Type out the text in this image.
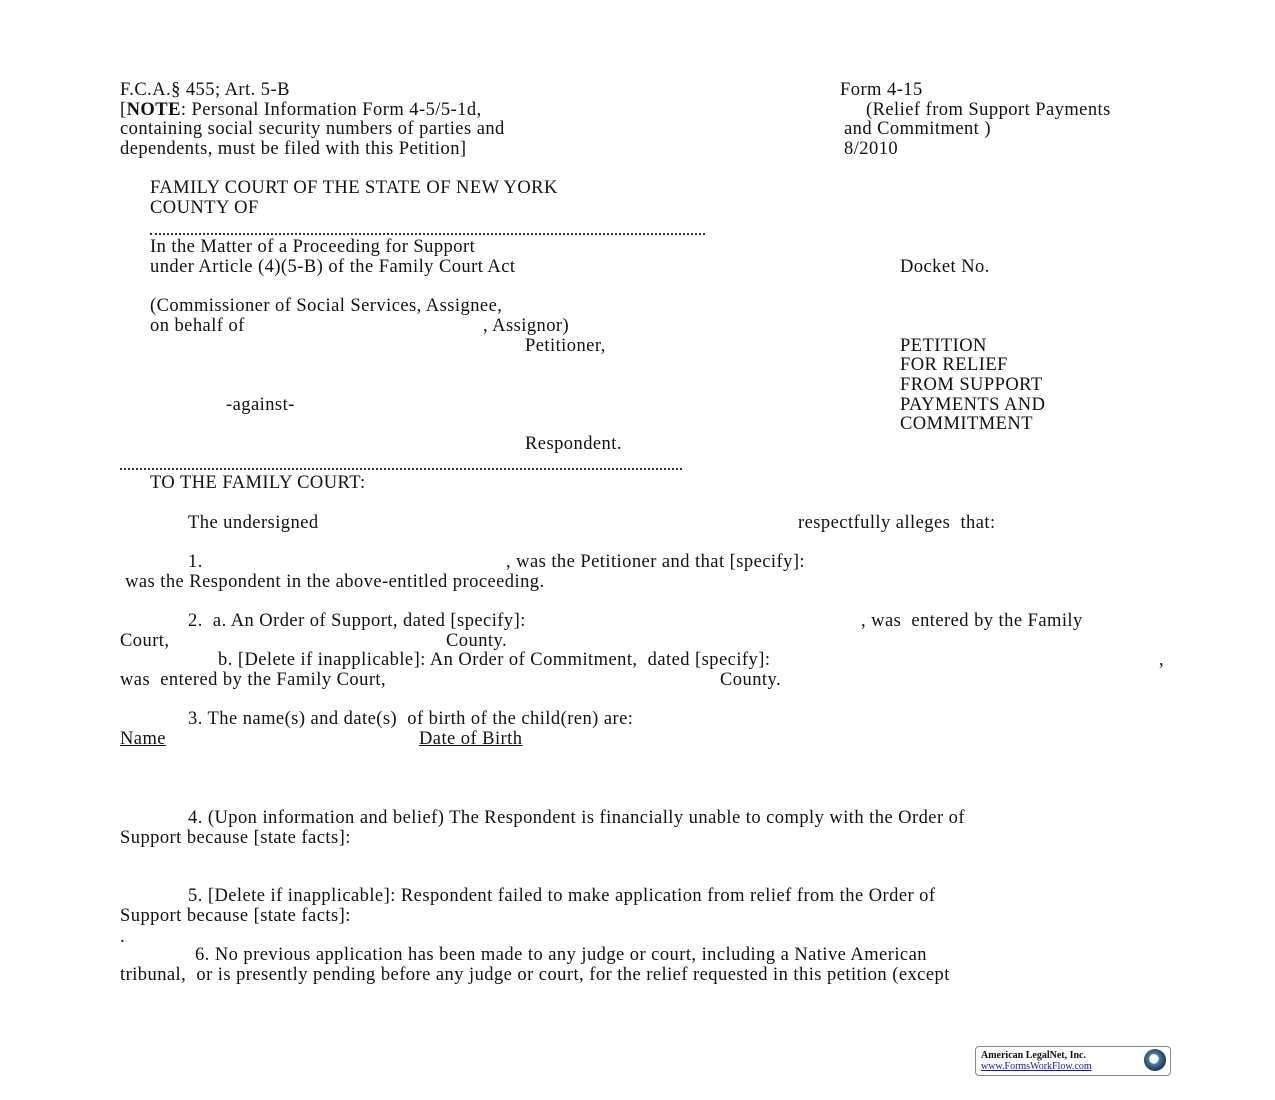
F.C.A.§ 455; Art. 5-B
[NOTE: Personal Information Form 4-5/5-1d,
containing social security numbers of parties and
dependents, must be filed with this Petition]
Form 4-15
(Relief from Support Payments
and Commitment )
8/2010
FAMILY COURT OF THE STATE OF NEW YORK
COUNTY OF
In the Matter of a Proceeding for Support
under Article (4)(5-B) of the Family Court Act	Docket No.
(Commissioner of Social Services, Assignee,
on behalf of	, Assignor)
Petitioner,
-against-
Respondent.
PETITION
FOR RELIEF
FROM SUPPORT
PAYMENTS AND
COMMITMENT
TO THE FAMILY COURT:
The undersigned	respectfully alleges  that:
1.	, was the Petitioner and that [specify]:
was the Respondent in the above-entitled proceeding.
2.  a. An Order of Support, dated [specify]:	, was  entered by the Family
Court,	County.
b. [Delete if inapplicable]: An Order of Commitment,  dated [specify]:	,
was  entered by the Family Court,	County.
3. The name(s) and date(s)  of birth of the child(ren) are:
Name	Date of Birth
4. (Upon information and belief) The Respondent is financially unable to comply with the Order of
Support because [state facts]:
5. [Delete if inapplicable]: Respondent failed to make application from relief from the Order of
Support because [state facts]:
.
6. No previous application has been made to any judge or court, including a Native American
tribunal,  or is presently pending before any judge or court, for the relief requested in this petition (except
American LegalNet, Inc.
www.FormsWorkFlow.com
